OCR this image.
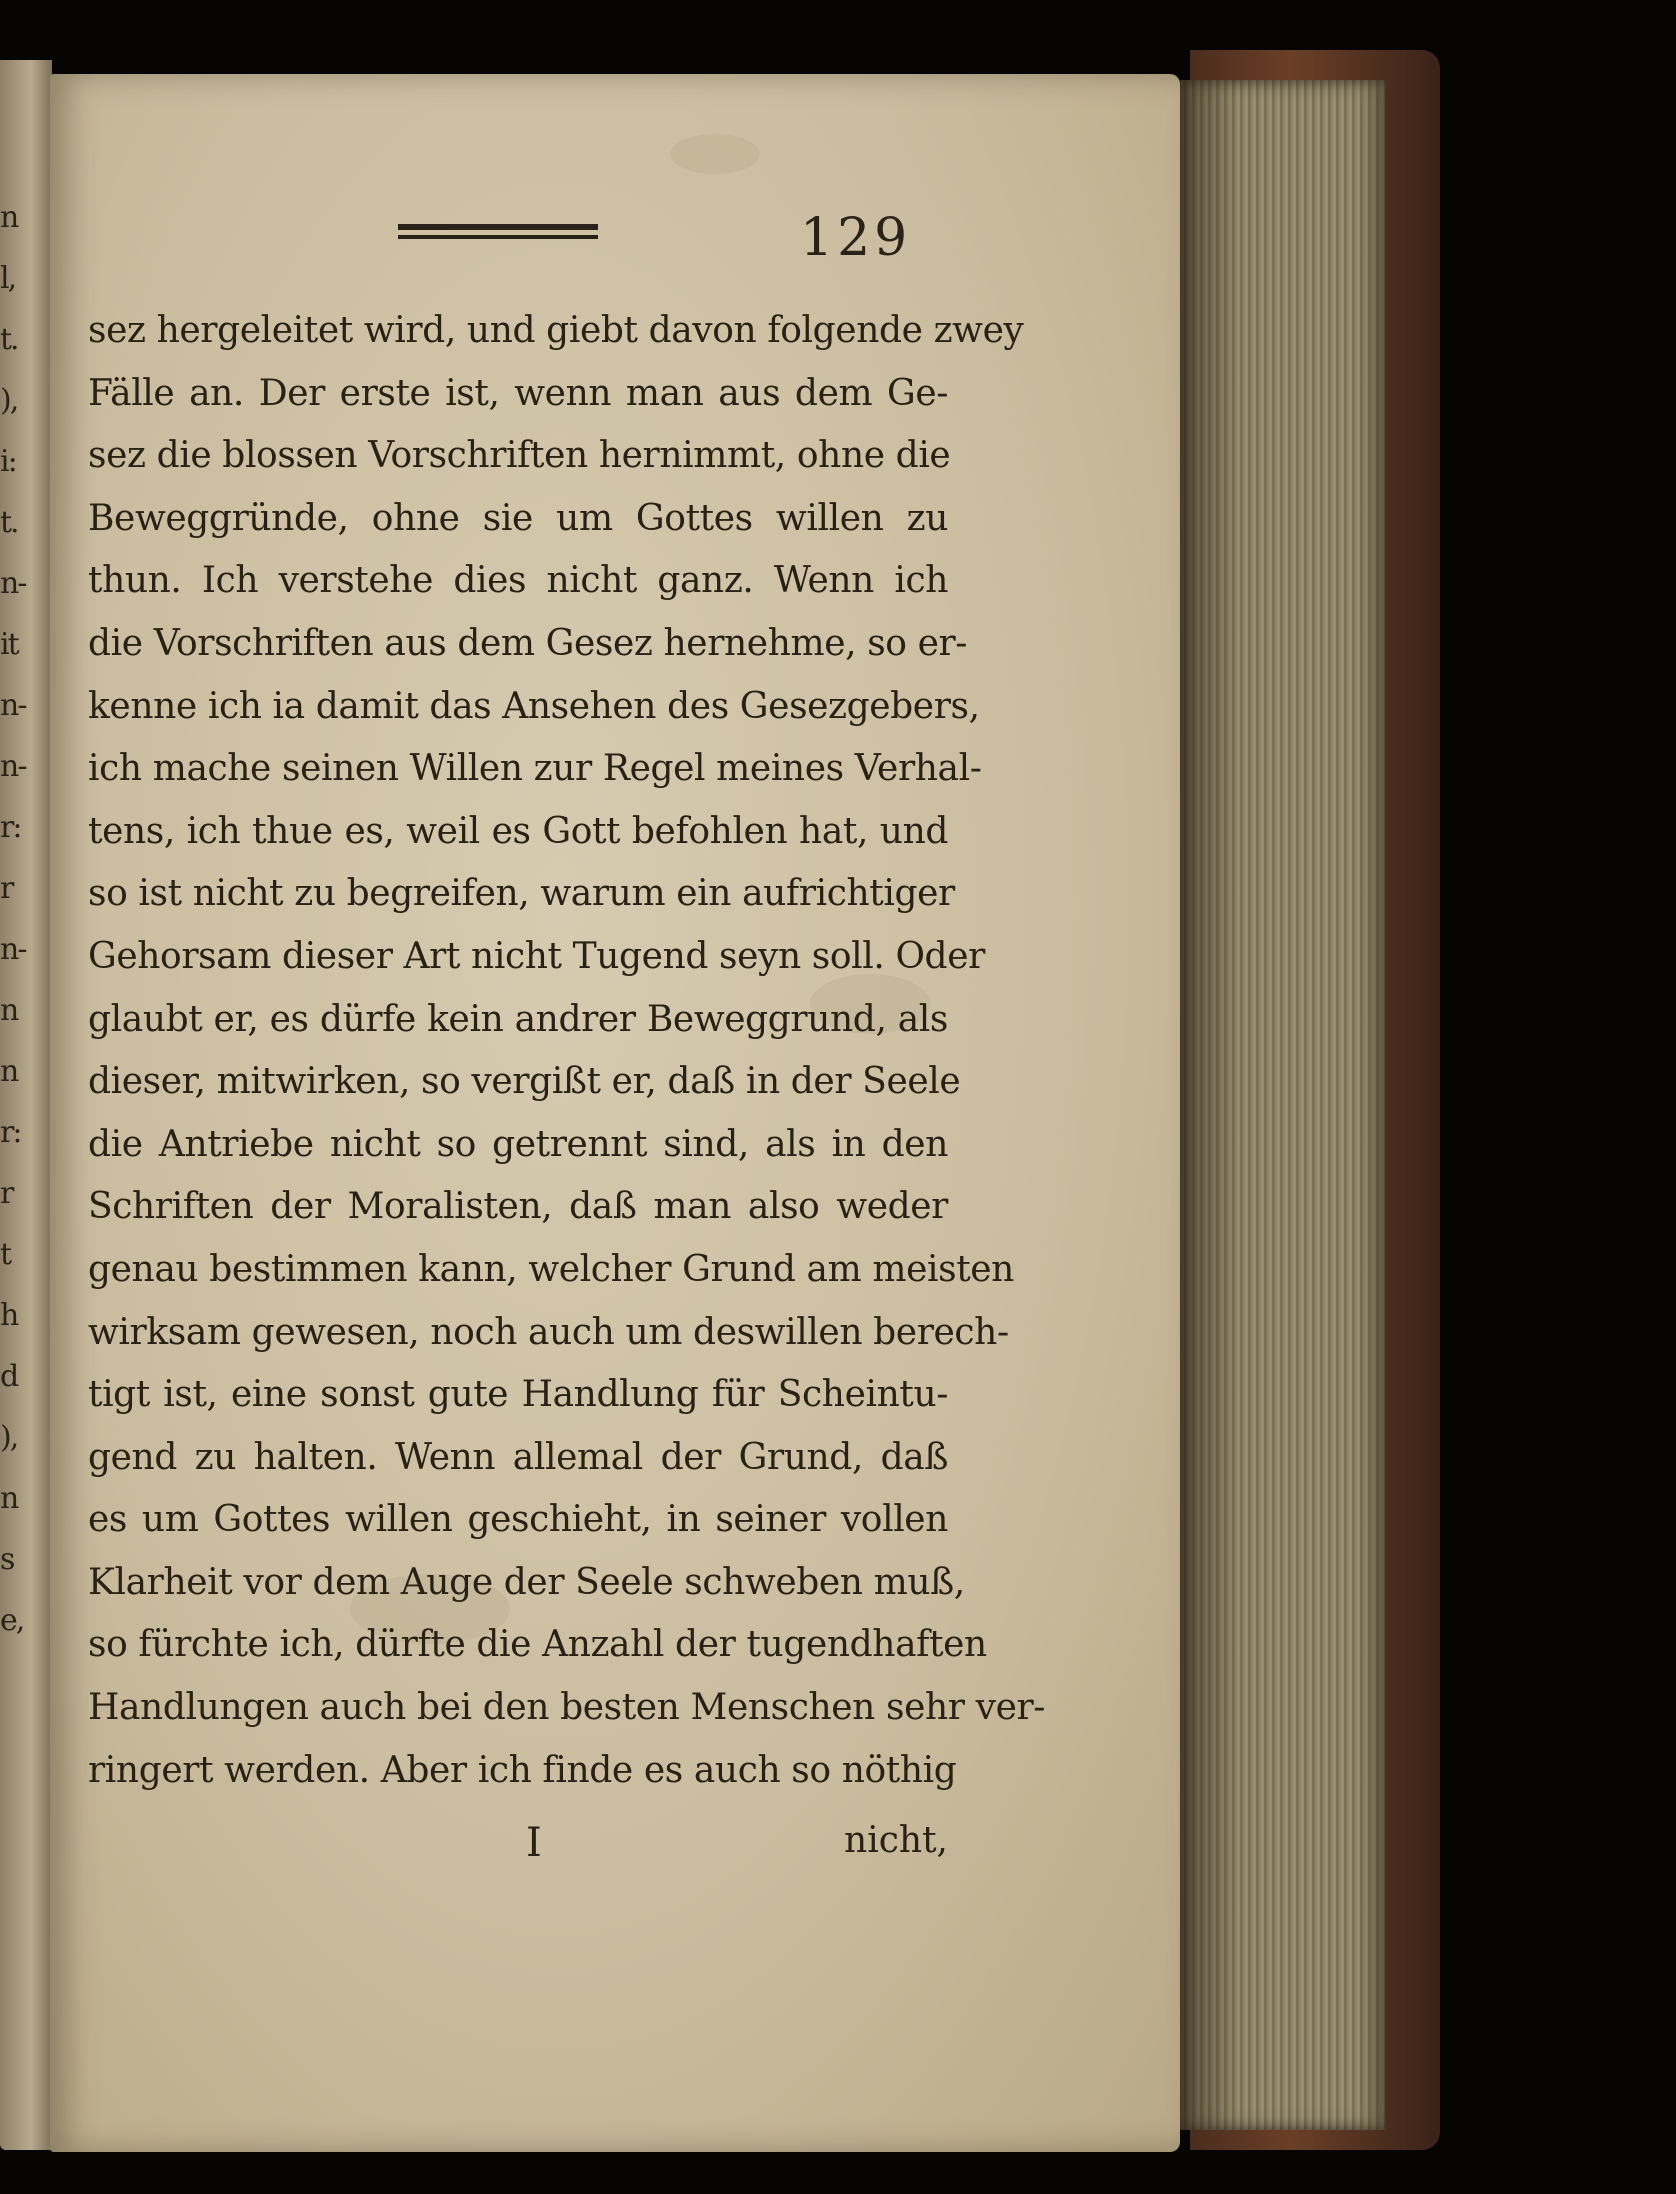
n
l,
t.
),
i:
t.
n-
it
n-
n-
r:
r
n-
n
n
r:
r
t
h
d
),
n
s
e,
129
sez hergeleitet wird, und giebt davon folgende zwey
Fälle an. Der erste ist, wenn man aus dem Ge-
sez die blossen Vorschriften hernimmt, ohne die
Beweggründe, ohne sie um Gottes willen zu
thun. Ich verstehe dies nicht ganz. Wenn ich
die Vorschriften aus dem Gesez hernehme, so er-
kenne ich ia damit das Ansehen des Gesezgebers,
ich mache seinen Willen zur Regel meines Verhal-
tens, ich thue es, weil es Gott befohlen hat, und
so ist nicht zu begreifen, warum ein aufrichtiger
Gehorsam dieser Art nicht Tugend seyn soll. Oder
glaubt er, es dürfe kein andrer Beweggrund, als
dieser, mitwirken, so vergißt er, daß in der Seele
die Antriebe nicht so getrennt sind, als in den
Schriften der Moralisten, daß man also weder
genau bestimmen kann, welcher Grund am meisten
wirksam gewesen, noch auch um deswillen berech-
tigt ist, eine sonst gute Handlung für Scheintu-
gend zu halten. Wenn allemal der Grund, daß
es um Gottes willen geschieht, in seiner vollen
Klarheit vor dem Auge der Seele schweben muß,
so fürchte ich, dürfte die Anzahl der tugendhaften
Handlungen auch bei den besten Menschen sehr ver-
ringert werden. Aber ich finde es auch so nöthig
I	nicht,
